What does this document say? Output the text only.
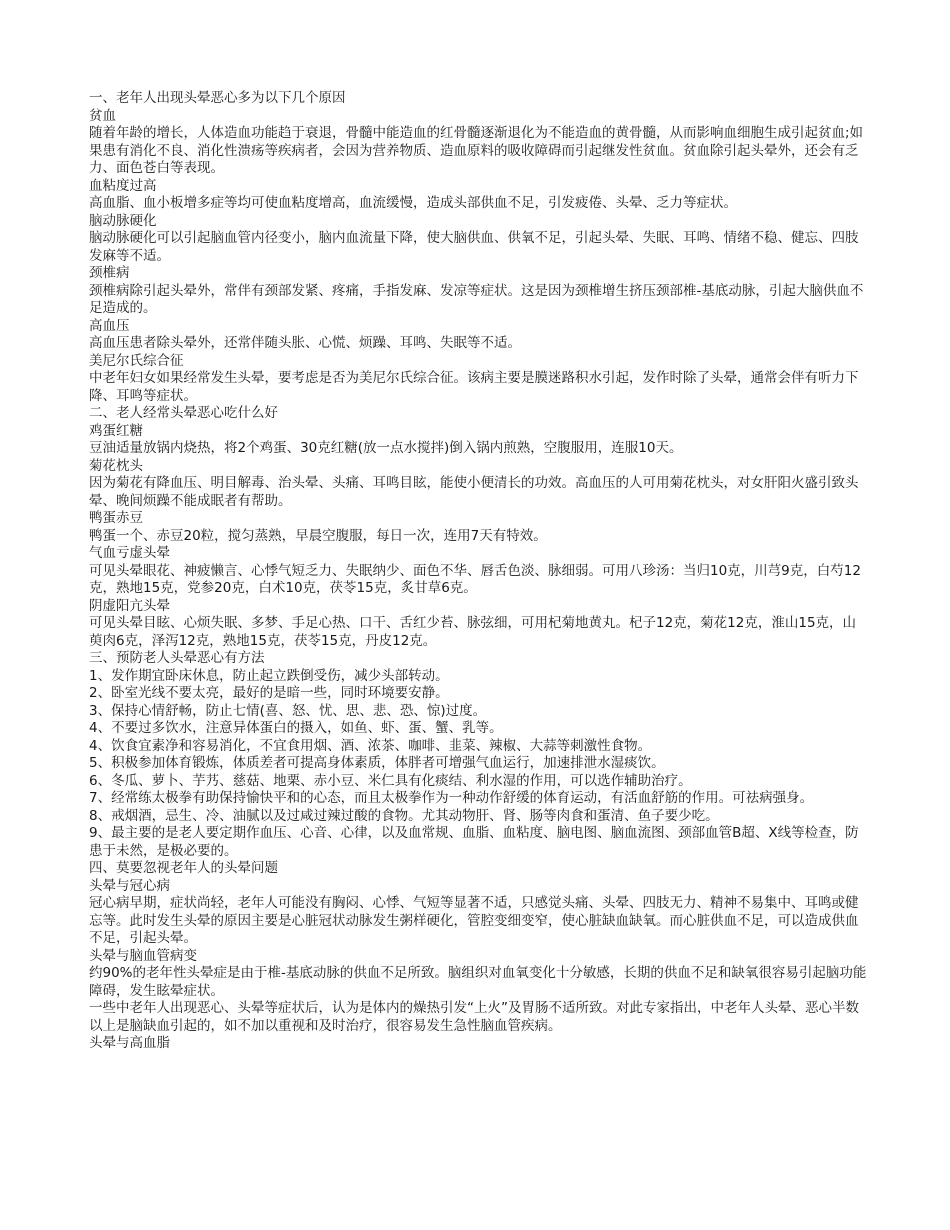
一、老年人出现头晕恶心多为以下几个原因

贫血

随着年龄的增长，人体造血功能趋于衰退，骨髓中能造血的红骨髓逐渐退化为不能造血的黄骨髓，从而影响血细胞生成引起贫血;如果患有消化不良、消化性溃疡等疾病者，会因为营养物质、造血原料的吸收障碍而引起继发性贫血。贫血除引起头晕外，还会有乏力、面色苍白等表现。

血粘度过高

高血脂、血小板增多症等均可使血粘度增高，血流缓慢，造成头部供血不足，引发疲倦、头晕、乏力等症状。

脑动脉硬化

脑动脉硬化可以引起脑血管内径变小，脑内血流量下降，使大脑供血、供氧不足，引起头晕、失眠、耳鸣、情绪不稳、健忘、四肢发麻等不适。

颈椎病

颈椎病除引起头晕外，常伴有颈部发紧、疼痛，手指发麻、发凉等症状。这是因为颈椎增生挤压颈部椎-基底动脉，引起大脑供血不足造成的。

高血压

高血压患者除头晕外，还常伴随头胀、心慌、烦躁、耳鸣、失眠等不适。

美尼尔氏综合征

中老年妇女如果经常发生头晕，要考虑是否为美尼尔氏综合征。该病主要是膜迷路积水引起，发作时除了头晕，通常会伴有听力下降、耳鸣等症状。

二、老人经常头晕恶心吃什么好

鸡蛋红糖

豆油适量放锅内烧热，将2个鸡蛋、30克红糖(放一点水搅拌)倒入锅内煎熟，空腹服用，连服10天。

菊花枕头

因为菊花有降血压、明目解毒、治头晕、头痛、耳鸣目眩，能使小便清长的功效。高血压的人可用菊花枕头，对女肝阳火盛引致头晕、晚间烦躁不能成眠者有帮助。

鸭蛋赤豆

鸭蛋一个、赤豆20粒，搅匀蒸熟，早晨空腹服，每日一次，连用7天有特效。

气血亏虚头晕

可见头晕眼花、神疲懒言、心悸气短乏力、失眠纳少、面色不华、唇舌色淡、脉细弱。可用八珍汤：当归10克，川芎9克，白芍12克，熟地15克，党参20克，白术10克，茯苓15克，炙甘草6克。

阴虚阳亢头晕

可见头晕目眩、心烦失眠、多梦、手足心热、口干、舌红少苔、脉弦细，可用杞菊地黄丸。杞子12克，菊花12克，淮山15克，山萸肉6克，泽泻12克，熟地15克，茯苓15克，丹皮12克。

三、预防老人头晕恶心有方法

1、发作期宜卧床休息，防止起立跌倒受伤，减少头部转动。

2、卧室光线不要太亮，最好的是暗一些，同时环境要安静。

3、保持心情舒畅，防止七情(喜、怒、忧、思、悲、恐、惊)过度。

4、不要过多饮水，注意异体蛋白的摄入，如鱼、虾、蛋、蟹、乳等。

4、饮食宜素净和容易消化，不宜食用烟、酒、浓茶、咖啡、韭菜、辣椒、大蒜等刺激性食物。

5、积极参加体育锻炼，体质差者可提高身体素质，体胖者可增强气血运行，加速排泄水湿痰饮。

6、冬瓜、萝卜、芋艿、慈菇、地栗、赤小豆、米仁具有化痰结、利水湿的作用，可以选作辅助治疗。

7、经常练太极拳有助保持愉快平和的心态，而且太极拳作为一种动作舒缓的体育运动，有活血舒筋的作用。可祛病强身。

8、戒烟酒，忌生、冷、油腻以及过咸过辣过酸的食物。尤其动物肝、肾、肠等肉食和蛋清、鱼子要少吃。

9、最主要的是老人要定期作血压、心音、心律，以及血常规、血脂、血粘度、脑电图、脑血流图、颈部血管B超、X线等检查，防患于未然，是极必要的。

四、莫要忽视老年人的头晕问题

头晕与冠心病

冠心病早期，症状尚轻，老年人可能没有胸闷、心悸、气短等显著不适，只感觉头痛、头晕、四肢无力、精神不易集中、耳鸣或健忘等。此时发生头晕的原因主要是心脏冠状动脉发生粥样硬化，管腔变细变窄，使心脏缺血缺氧。而心脏供血不足，可以造成供血不足，引起头晕。

头晕与脑血管病变

约90%的老年性头晕症是由于椎-基底动脉的供血不足所致。脑组织对血氧变化十分敏感，长期的供血不足和缺氧很容易引起脑功能障碍，发生眩晕症状。

一些中老年人出现恶心、头晕等症状后，认为是体内的燥热引发“上火”及胃肠不适所致。对此专家指出，中老年人头晕、恶心半数以上是脑缺血引起的，如不加以重视和及时治疗，很容易发生急性脑血管疾病。

头晕与高血脂
